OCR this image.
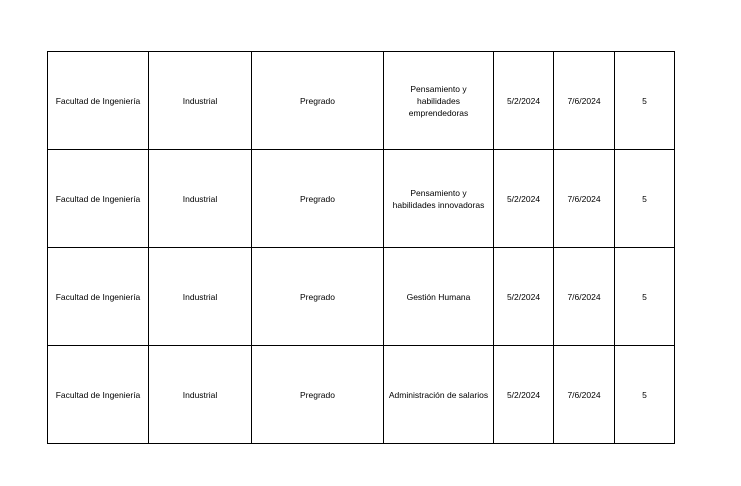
Facultad de Ingeniería	Industrial	Pregrado	Pensamiento y habilidades emprendedoras	5/2/2024	7/6/2024	5
Facultad de Ingeniería	Industrial	Pregrado	Pensamiento y habilidades innovadoras	5/2/2024	7/6/2024	5
Facultad de Ingeniería	Industrial	Pregrado	Gestión Humana	5/2/2024	7/6/2024	5
Facultad de Ingeniería	Industrial	Pregrado	Administración de salarios	5/2/2024	7/6/2024	5
